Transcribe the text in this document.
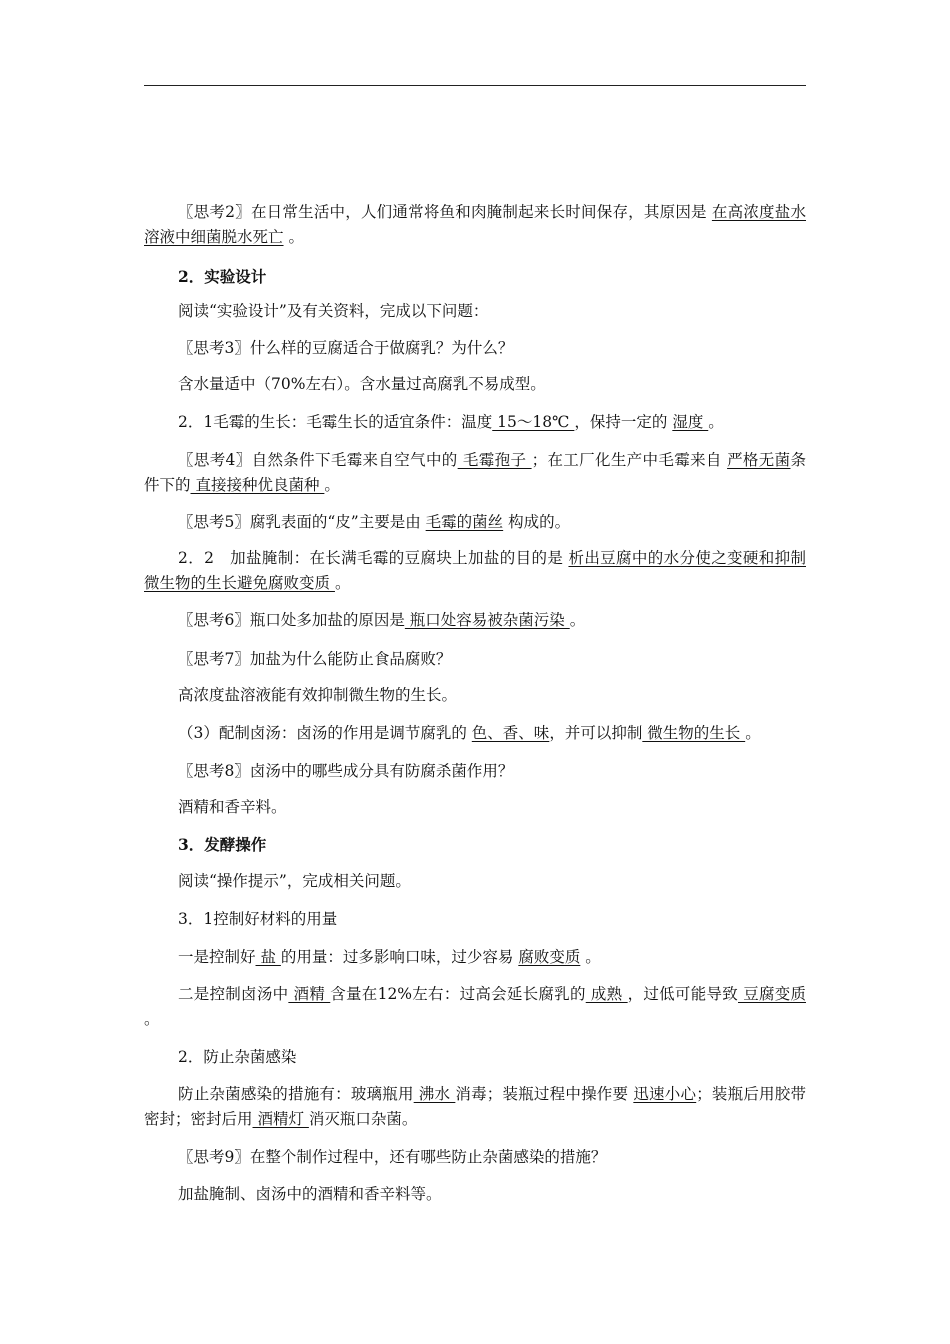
〖思考2〗在日常生活中，人们通常将鱼和肉腌制起来长时间保存，其原因是 在高浓度盐水溶液中细菌脱水死亡 。
2．实验设计
阅读“实验设计”及有关资料，完成以下问题：
〖思考3〗什么样的豆腐适合于做腐乳？为什么？
含水量适中（70%左右）。含水量过高腐乳不易成型。
2．1毛霉的生长：毛霉生长的适宜条件：温度 15～18℃ ，保持一定的 湿度 。
〖思考4〗自然条件下毛霉来自空气中的 毛霉孢子 ；在工厂化生产中毛霉来自 严格无菌条件下的 直接接种优良菌种 。
〖思考5〗腐乳表面的“皮”主要是由 毛霉的菌丝 构成的。
2．2　加盐腌制：在长满毛霉的豆腐块上加盐的目的是 析出豆腐中的水分使之变硬和抑制微生物的生长避免腐败变质 。
〖思考6〗瓶口处多加盐的原因是 瓶口处容易被杂菌污染 。
〖思考7〗加盐为什么能防止食品腐败？
高浓度盐溶液能有效抑制微生物的生长。
（3）配制卤汤：卤汤的作用是调节腐乳的 色、香、味，并可以抑制 微生物的生长 。
〖思考8〗卤汤中的哪些成分具有防腐杀菌作用？
酒精和香辛料。
3．发酵操作
阅读“操作提示”，完成相关问题。
3．1控制好材料的用量
一是控制好 盐 的用量：过多影响口味，过少容易 腐败变质 。
二是控制卤汤中 酒精 含量在12%左右：过高会延长腐乳的 成熟 ，过低可能导致 豆腐变质 。
2．防止杂菌感染
防止杂菌感染的措施有：玻璃瓶用 沸水 消毒；装瓶过程中操作要 迅速小心；装瓶后用胶带密封；密封后用 酒精灯 消灭瓶口杂菌。
〖思考9〗在整个制作过程中，还有哪些防止杂菌感染的措施？
加盐腌制、卤汤中的酒精和香辛料等。
